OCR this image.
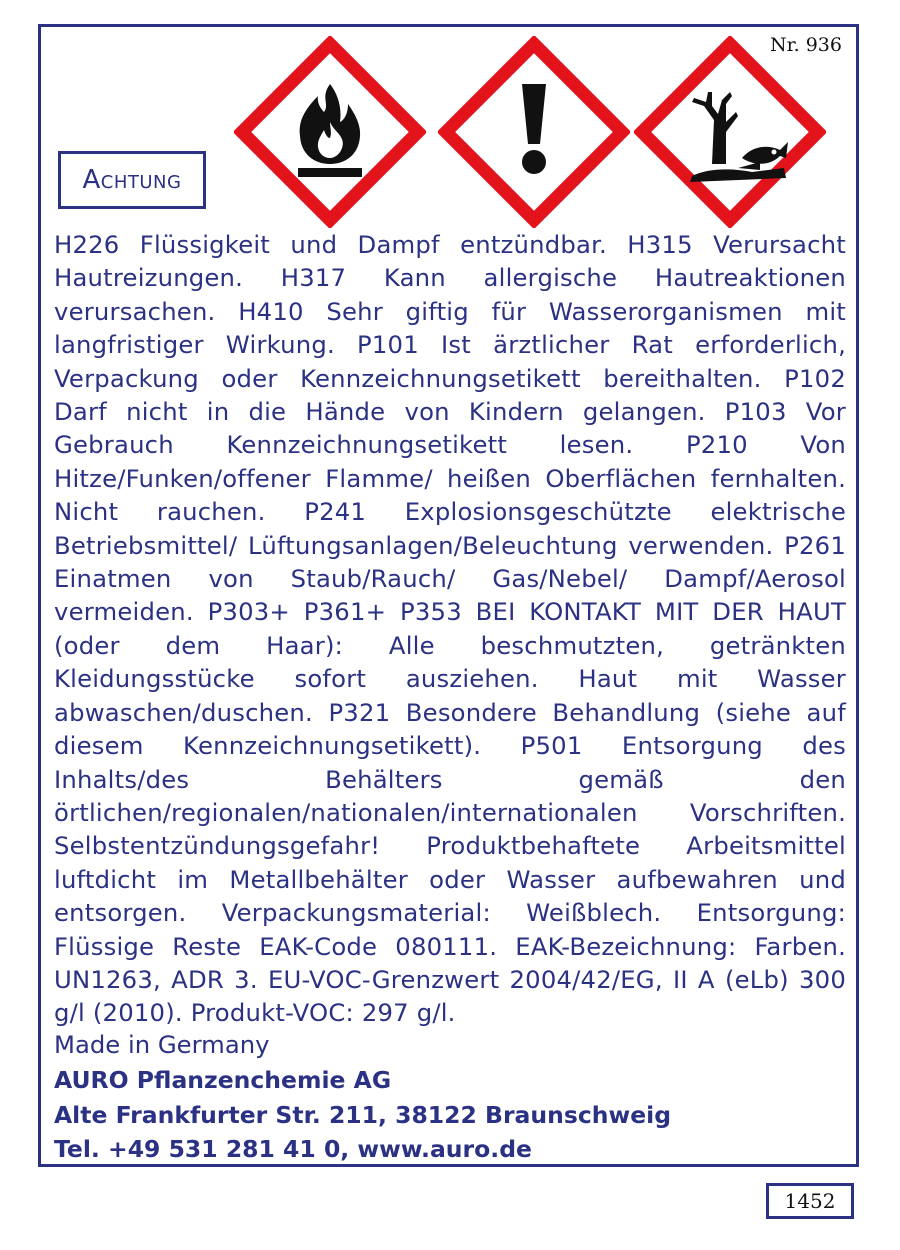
Nr. 936
Achtung
H226 Flüssigkeit und Dampf entzündbar. H315 Verursacht Hautreizungen. H317 Kann allergische Hautreaktionen verursachen. H410 Sehr giftig für Wasserorganismen mit langfristiger Wirkung. P101 Ist ärztlicher Rat erforderlich, Verpackung oder Kennzeichnungsetikett bereithalten. P102 Darf nicht in die Hände von Kindern gelangen. P103 Vor Gebrauch Kennzeichnungsetikett lesen. P210 Von Hitze/Funken/offener Flamme/ heißen Oberflächen fernhalten. Nicht rauchen. P241 Explosionsgeschützte elektrische Betriebsmittel/ Lüftungsanlagen/Beleuchtung verwenden. P261 Einatmen von Staub/Rauch/ Gas/Nebel/ Dampf/Aerosol vermeiden. P303+ P361+ P353 BEI KONTAKT MIT DER HAUT (oder dem Haar): Alle beschmutzten, getränkten Kleidungsstücke sofort ausziehen. Haut mit Wasser abwaschen/duschen. P321 Besondere Behandlung (siehe auf diesem Kennzeichnungsetikett). P501 Entsorgung des Inhalts/des Behälters gemäß den örtlichen/regionalen/nationalen/internationalen Vorschriften. Selbstentzündungsgefahr! Produktbehaftete Arbeitsmittel luftdicht im Metallbehälter oder Wasser aufbewahren und entsorgen. Verpackungsmaterial: Weißblech. Entsorgung: Flüssige Reste EAK-Code 080111. EAK-Bezeichnung: Farben. UN1263, ADR 3. EU-VOC-Grenzwert 2004/42/EG, II A (eLb) 300 g/l (2010). Produkt-VOC: 297 g/l.
Made in Germany
AURO Pflanzenchemie AG
Alte Frankfurter Str. 211, 38122 Braunschweig
Tel. +49 531 281 41 0, www.auro.de
1452
